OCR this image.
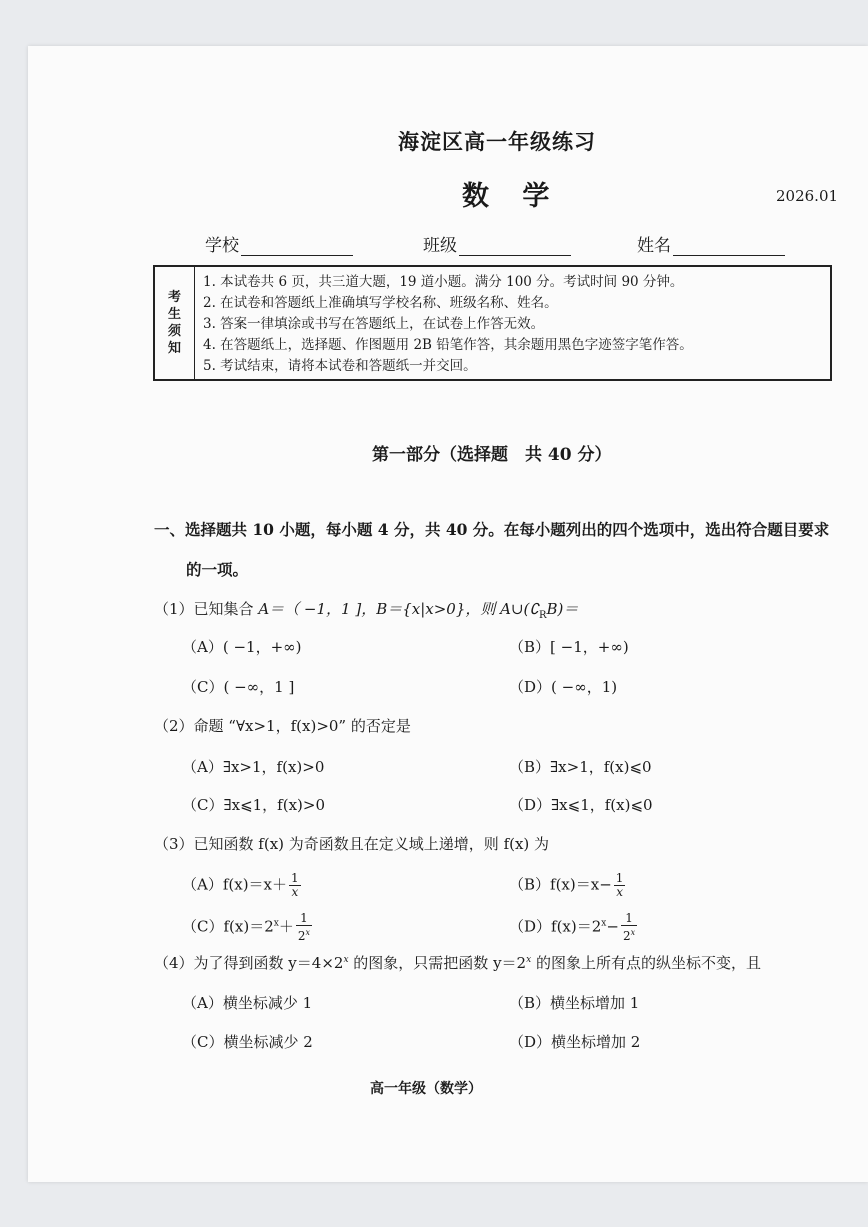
海淀区高一年级练习
数 学	2026.01
学校	班级	姓名
考
生
须
知
1. 本试卷共 6 页，共三道大题，19 道小题。满分 100 分。考试时间 90 分钟。
2. 在试卷和答题纸上准确填写学校名称、班级名称、姓名。
3. 答案一律填涂或书写在答题纸上，在试卷上作答无效。
4. 在答题纸上，选择题、作图题用 2B 铅笔作答，其余题用黑色字迹签字笔作答。
5. 考试结束，请将本试卷和答题纸一并交回。
第一部分（选择题　共 40 分）
一、选择题共 10 小题，每小题 4 分，共 40 分。在每小题列出的四个选项中，选出符合题目要求
的一项。
（1）已知集合 A＝（ −1，1 ]，B＝{x|x>0}，则 $A\cup(∁_RB)=$
（A）( −1，+∞)	（B）[ −1，+∞)
（C）( −∞，1 ]	（D）( −∞，1)
（2）命题 “∀x>1，f(x)>0” 的否定是
（A）∃x>1，f(x)>0	（B）∃x>1，f(x)⩽0
（C）∃x⩽1，f(x)>0	（D）∃x⩽1，f(x)⩽0
（3）已知函数 f(x) 为奇函数且在定义域上递增，则 f(x) 为
$(A)f(x)=x+ \frac{1}{x}$	$(B)f(x)=x- \frac{1}{x}$
$(C)f(x)=2^x+ \frac{1}{2^x}$	$(D)f(x)=2^x- \frac{1}{2^x}$
（4）为了得到函数 $y=4\times 2^x$ 的图象，只需把函数 $y=2^x$ 的图象上所有点的纵坐标不变，且
（A）横坐标减少 1	（B）横坐标增加 1
（C）横坐标减少 2	（D）横坐标增加 2
高一年级（数学）
